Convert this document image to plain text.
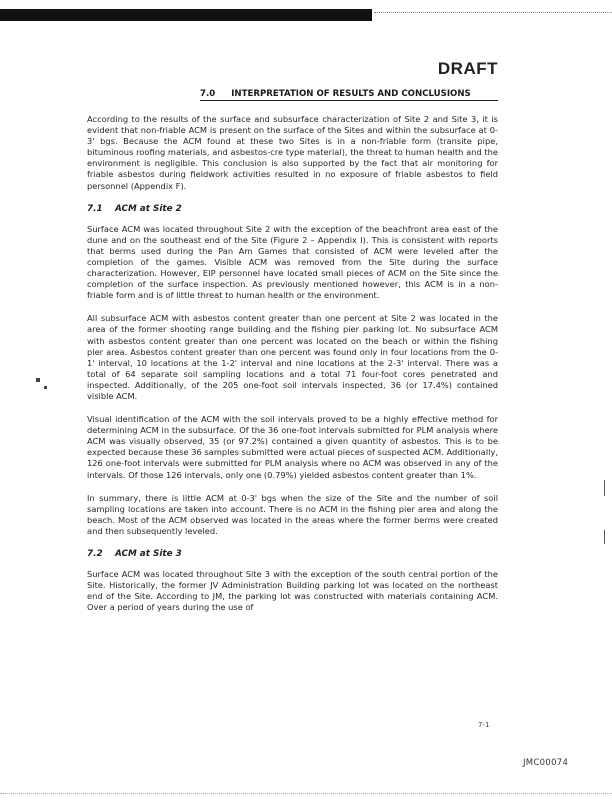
DRAFT
7.0 INTERPRETATION OF RESULTS AND CONCLUSIONS

According to the results of the surface and subsurface characterization of Site 2 and Site 3, it is evident that non-friable ACM is present on the surface of the Sites and within the subsurface at 0-3' bgs. Because the ACM found at these two Sites is in a non-friable form (transite pipe, bituminous roofing materials, and asbestos-cre type material), the threat to human health and the environment is negligible. This conclusion is also supported by the fact that air monitoring for friable asbestos during fieldwork activities resulted in no exposure of friable asbestos to field personnel (Appendix F).

7.1 ACM at Site 2

Surface ACM was located throughout Site 2 with the exception of the beachfront area east of the dune and on the southeast end of the Site (Figure 2 – Appendix I). This is consistent with reports that berms used during the Pan Am Games that consisted of ACM were leveled after the completion of the games. Visible ACM was removed from the Site during the surface characterization. However, EIP personnel have located small pieces of ACM on the Site since the completion of the surface inspection. As previously mentioned however, this ACM is in a non-friable form and is of little threat to human health or the environment.

All subsurface ACM with asbestos content greater than one percent at Site 2 was located in the area of the former shooting range building and the fishing pier parking lot. No subsurface ACM with asbestos content greater than one percent was located on the beach or within the fishing pier area. Asbestos content greater than one percent was found only in four locations from the 0-1' interval, 10 locations at the 1-2' interval and nine locations at the 2-3' interval. There was a total of 64 separate soil sampling locations and a total 71 four-foot cores penetrated and inspected. Additionally, of the 205 one-foot soil intervals inspected, 36 (or 17.4%) contained visible ACM.

Visual identification of the ACM with the soil intervals proved to be a highly effective method for determining ACM in the subsurface. Of the 36 one-foot intervals submitted for PLM analysis where ACM was visually observed, 35 (or 97.2%) contained a given quantity of asbestos. This is to be expected because these 36 samples submitted were actual pieces of suspected ACM. Additionally, 126 one-foot intervals were submitted for PLM analysis where no ACM was observed in any of the intervals. Of those 126 intervals, only one (0.79%) yielded asbestos content greater than 1%.

In summary, there is little ACM at 0-3' bgs when the size of the Site and the number of soil sampling locations are taken into account. There is no ACM in the fishing pier area and along the beach. Most of the ACM observed was located in the areas where the former berms were created and then subsequently leveled.

7.2 ACM at Site 3

Surface ACM was located throughout Site 3 with the exception of the south central portion of the Site. Historically, the former JV Administration Building parking lot was located on the northeast end of the Site. According to JM, the parking lot was constructed with materials containing ACM. Over a period of years during the use of

7-1
JMC00074
